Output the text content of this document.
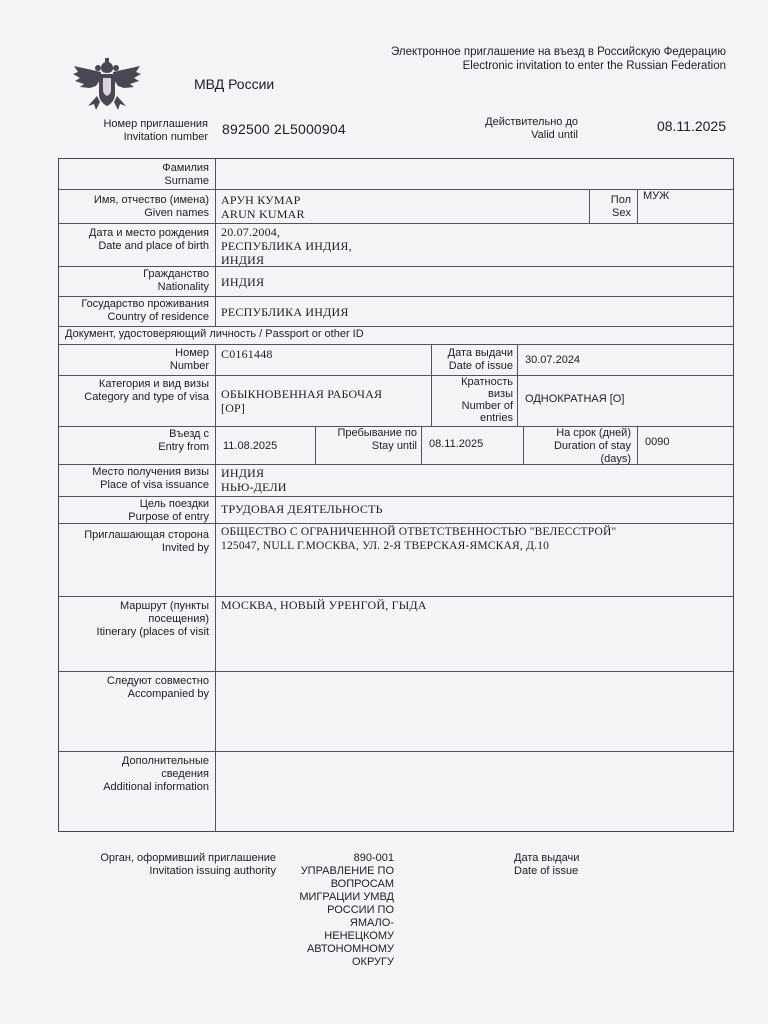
МВД России
Электронное приглашение на въезд в Российскую Федерацию
Electronic invitation to enter the Russian Federation
Номер приглашения
Invitation number 892500 2L5000904	Действительно до
Valid until
08.11.2025
Фамилия
Surname
Имя, отчество (имена)
Given names
АРУН КУМАР
ARUN KUMAR
Пол
Sex
МУЖ
Дата и место рождения
Date and place of birth
20.07.2004,
РЕСПУБЛИКА ИНДИЯ,
ИНДИЯ
Гражданство
Nationality ИНДИЯ
Государство проживания
Country of residence РЕСПУБЛИКА ИНДИЯ
Документ, удостоверяющий личность / Passport or other ID
Номер
Number
C0161448	Дата выдачи
Date of issue 30.07.2024
Категория и вид визы
Category and type of visa ОБЫКНОВЕННАЯ РАБОЧАЯ
[OP]
Кратность
визы
Number of
entries
ОДНОКРАТНАЯ [O]
Въезд с
Entry from 11.08.2025
Пребывание по
Stay until 08.11.2025
На срок (дней)
Duration of stay
(days)
0090
Место получения визы
Place of visa issuance
ИНДИЯ
НЬЮ-ДЕЛИ
Цель поездки
Purpose of entry
ТРУДОВАЯ ДЕЯТЕЛЬНОСТЬ
Приглашающая сторона
Invited by
ОБЩЕСТВО С ОГРАНИЧЕННОЙ ОТВЕТСТВЕННОСТЬЮ "ВЕЛЕССТРОЙ"
125047, NULL Г.МОСКВА, УЛ. 2-Я ТВЕРСКАЯ-ЯМСКАЯ, Д.10
Маршрут (пункты
посещения)
Itinerary (places of visit
МОСКВА, НОВЫЙ УРЕНГОЙ, ГЫДА
Следуют совместно
Accompanied by
Дополнительные
сведения
Additional information
Орган, оформивший приглашение
Invitation issuing authority
890-001
УПРАВЛЕНИЕ ПО
ВОПРОСАМ
МИГРАЦИИ УМВД
РОССИИ ПО
ЯМАЛО-
НЕНЕЦКОМУ
АВТОНОМНОМУ
ОКРУГУ
Дата выдачи
Date of issue
